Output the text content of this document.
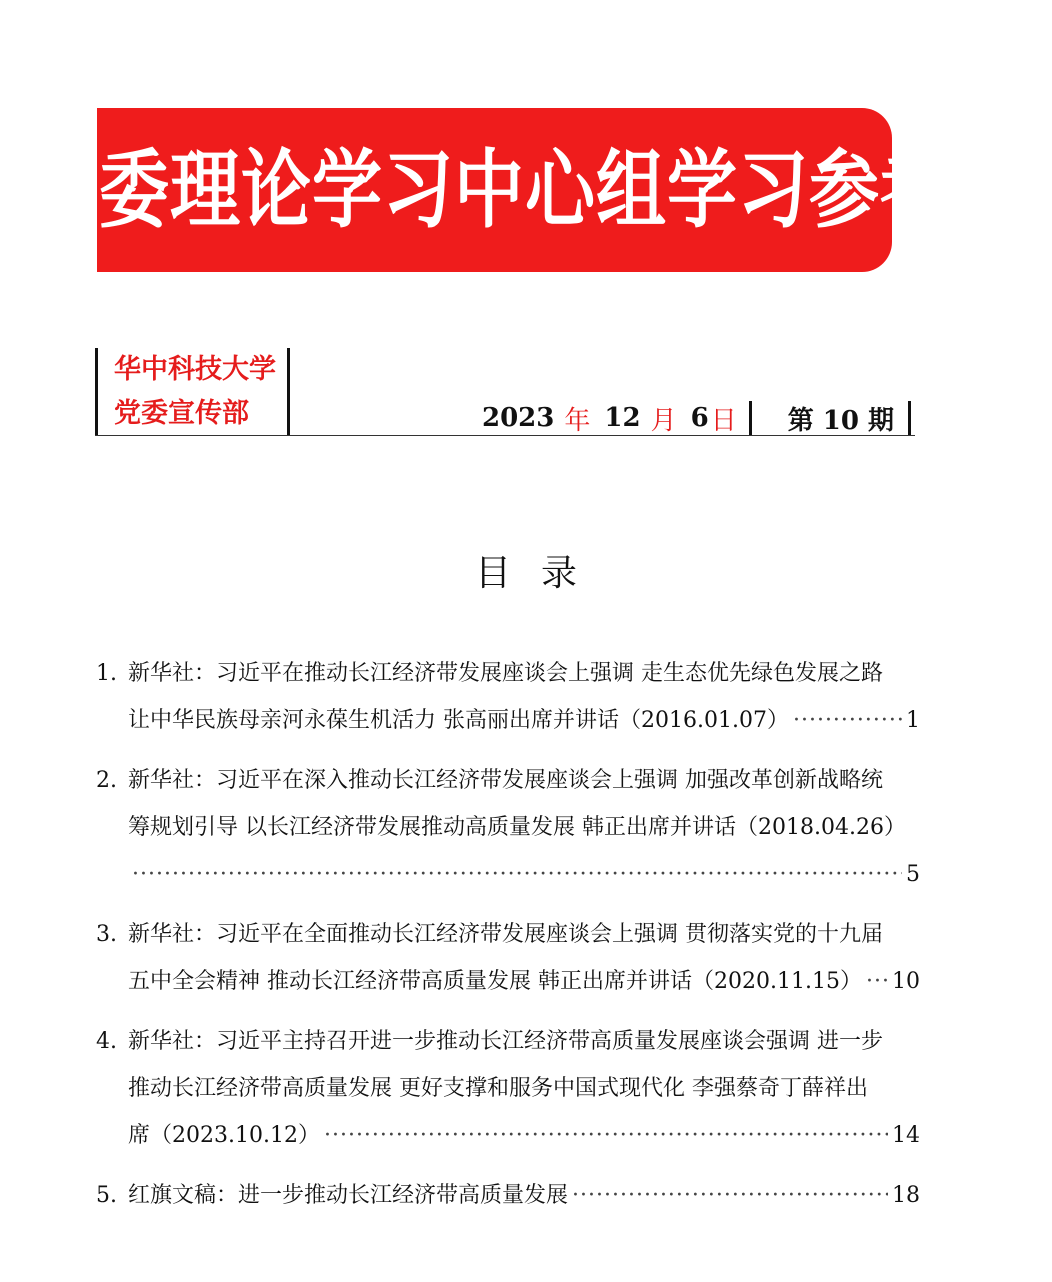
党委理论学习中心组学习参考
华中科技大学
党委宣传部	2023 年 12 月 6 日 第 10 期
目录
1. 新华社：习近平在推动长江经济带发展座谈会上强调 走生态优先绿色发展之路
让中华民族母亲河永葆生机活力 张高丽出席并讲话（2016.01.07） ·····	1
2. 新华社：习近平在深入推动长江经济带发展座谈会上强调 加强改革创新战略统
筹规划引导 以长江经济带发展推动高质量发展 韩正出席并讲话（2018.04.26）
·····
5
3. 新华社：习近平在全面推动长江经济带发展座谈会上强调 贯彻落实党的十九届
五中全会精神 推动长江经济带高质量发展 韩正出席并讲话（2020.11.15） ····· 10
4. 新华社：习近平主持召开进一步推动长江经济带高质量发展座谈会强调 进一步
推动长江经济带高质量发展 更好支撑和服务中国式现代化 李强蔡奇丁薛祥出
席（2023.10.12） ·····	14
5. 红旗文稿：进一步推动长江经济带高质量发展 ·····	18
